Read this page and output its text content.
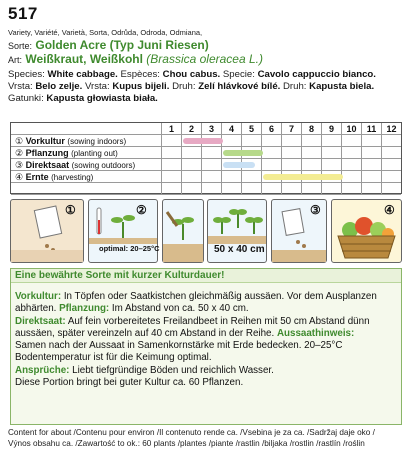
517
Variety, Variété, Varietà, Sorta, Odrůda, Odroda, Odmiana,
Sorte: Golden Acre (Typ Juni Riesen)
Art: Weißkraut, Weißkohl (Brassica oleracea L.)
Species: White cabbage. Espèces: Chou cabus. Specie: Cavolo cappuccio bianco.
Vrsta: Belo zelje. Vrsta: Kupus bijeli. Druh: Zelí hlávkové bílé. Druh: Kapusta biela.
Gatunki: Kapusta głowiasta biała.
1	2	3	4	5	6	7	8	9	10	11	12
① Vorkultur (sowing indoors)
② Pflanzung (planting out)
③ Direktsaat (sowing outdoors)
④ Ernte (harvesting)
①
optimal: 20–25°C	50 x 40 cm
③	④
②
Eine bewährte Sorte mit kurzer Kulturdauer!
Vorkultur: In Töpfen oder Saatkistchen gleichmäßig aussäen. Vor dem Ausplanzen
abhärten. Pflanzung: Im Abstand von ca. 50 x 40 cm.
Direktsaat: Auf fein vorbereitetes Freilandbeet in Reihen mit 50 cm Abstand dünn
aussäen, später vereinzeln auf 40 cm Abstand in der Reihe. Aussaathinweis:
Samen nach der Aussaat in Samenkornstärke mit Erde bedecken. 20–25°C
Bodentemperatur ist für die Keimung optimal.
Ansprüche: Liebt tiefgründige Böden und reichlich Wasser.
Diese Portion bringt bei guter Kultur ca. 60 Pflanzen.
Content for about /Contenu pour environ /Il contenuto rende ca. /Vsebina je za ca. /Sadržaj daje oko /
Výnos obsahu ca. /Zawartość to ok.: 60 plants /plantes /piante /rastlin /biljaka /rostlin /rastlín /roślin
